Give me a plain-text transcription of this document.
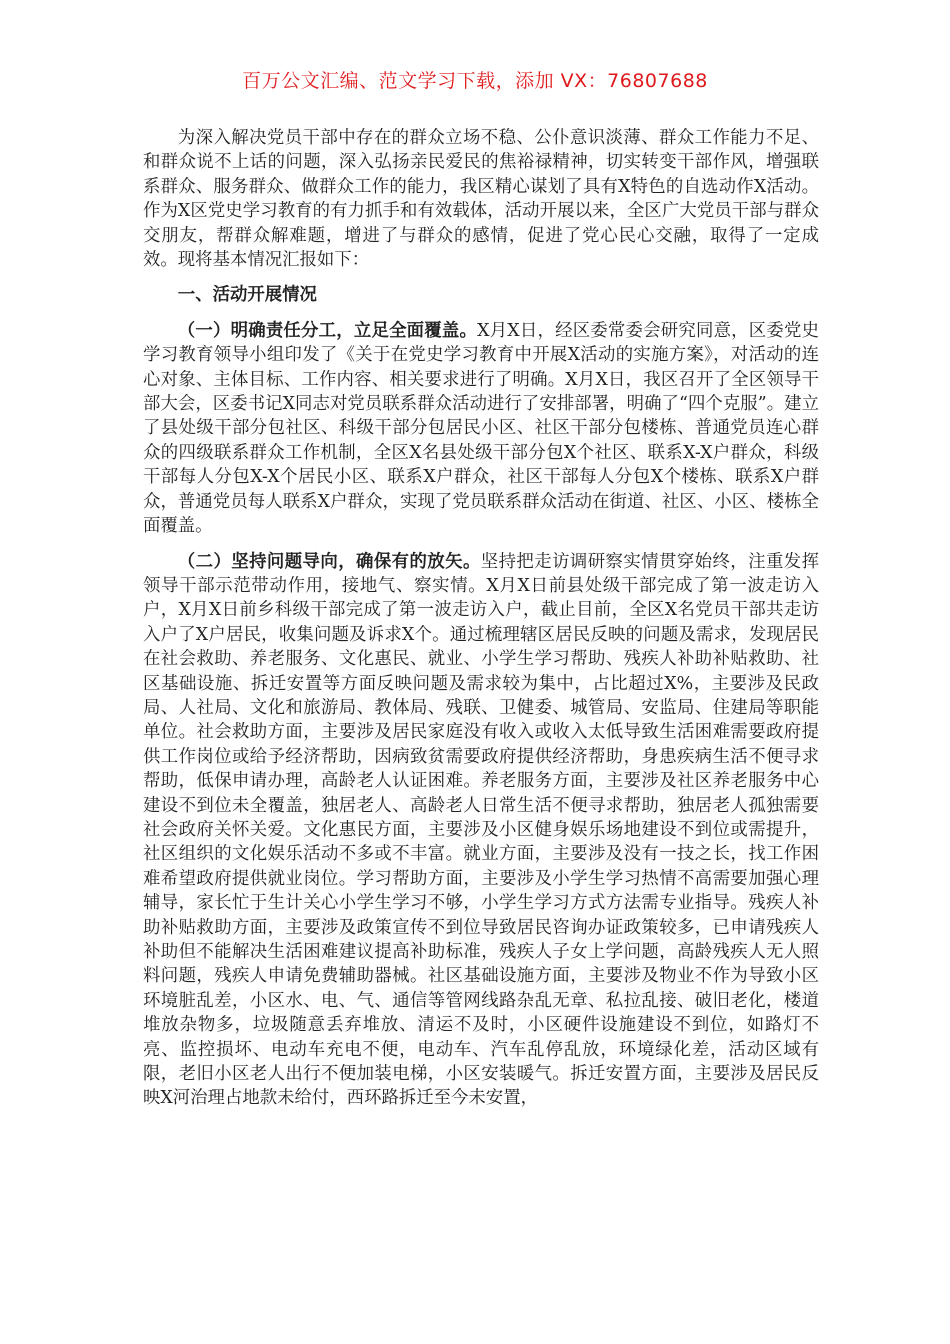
百万公文汇编、范文学习下载，添加 VX：76807688

为深入解决党员干部中存在的群众立场不稳、公仆意识淡薄、群众工作能力不足、和群众说不上话的问题，深入弘扬亲民爱民的焦裕禄精神，切实转变干部作风，增强联系群众、服务群众、做群众工作的能力，我区精心谋划了具有X特色的自选动作X活动。作为X区党史学习教育的有力抓手和有效载体，活动开展以来，全区广大党员干部与群众交朋友，帮群众解难题，增进了与群众的感情，促进了党心民心交融，取得了一定成效。现将基本情况汇报如下：

一、活动开展情况

（一）明确责任分工，立足全面覆盖。X月X日，经区委常委会研究同意，区委党史学习教育领导小组印发了《关于在党史学习教育中开展X活动的实施方案》，对活动的连心对象、主体目标、工作内容、相关要求进行了明确。X月X日，我区召开了全区领导干部大会，区委书记X同志对党员联系群众活动进行了安排部署，明确了“四个克服”。建立了县处级干部分包社区、科级干部分包居民小区、社区干部分包楼栋、普通党员连心群众的四级联系群众工作机制，全区X名县处级干部分包X个社区、联系X-X户群众，科级干部每人分包X-X个居民小区、联系X户群众，社区干部每人分包X个楼栋、联系X户群众，普通党员每人联系X户群众，实现了党员联系群众活动在街道、社区、小区、楼栋全面覆盖。

（二）坚持问题导向，确保有的放矢。坚持把走访调研察实情贯穿始终，注重发挥领导干部示范带动作用，接地气、察实情。X月X日前县处级干部完成了第一波走访入户，X月X日前乡科级干部完成了第一波走访入户，截止目前，全区X名党员干部共走访入户了X户居民，收集问题及诉求X个。通过梳理辖区居民反映的问题及需求，发现居民在社会救助、养老服务、文化惠民、就业、小学生学习帮助、残疾人补助补贴救助、社区基础设施、拆迁安置等方面反映问题及需求较为集中，占比超过X%，主要涉及民政局、人社局、文化和旅游局、教体局、残联、卫健委、城管局、安监局、住建局等职能单位。社会救助方面，主要涉及居民家庭没有收入或收入太低导致生活困难需要政府提供工作岗位或给予经济帮助，因病致贫需要政府提供经济帮助，身患疾病生活不便寻求帮助，低保申请办理，高龄老人认证困难。养老服务方面，主要涉及社区养老服务中心建设不到位未全覆盖，独居老人、高龄老人日常生活不便寻求帮助，独居老人孤独需要社会政府关怀关爱。文化惠民方面，主要涉及小区健身娱乐场地建设不到位或需提升，社区组织的文化娱乐活动不多或不丰富。就业方面，主要涉及没有一技之长，找工作困难希望政府提供就业岗位。学习帮助方面，主要涉及小学生学习热情不高需要加强心理辅导，家长忙于生计关心小学生学习不够，小学生学习方式方法需专业指导。残疾人补助补贴救助方面，主要涉及政策宣传不到位导致居民咨询办证政策较多，已申请残疾人补助但不能解决生活困难建议提高补助标准，残疾人子女上学问题，高龄残疾人无人照料问题，残疾人申请免费辅助器械。社区基础设施方面，主要涉及物业不作为导致小区环境脏乱差，小区水、电、气、通信等管网线路杂乱无章、私拉乱接、破旧老化，楼道堆放杂物多，垃圾随意丢弃堆放、清运不及时，小区硬件设施建设不到位，如路灯不亮、监控损坏、电动车充电不便，电动车、汽车乱停乱放，环境绿化差，活动区域有限，老旧小区老人出行不便加装电梯，小区安装暖气。拆迁安置方面，主要涉及居民反映X河治理占地款未给付，西环路拆迁至今未安置，
